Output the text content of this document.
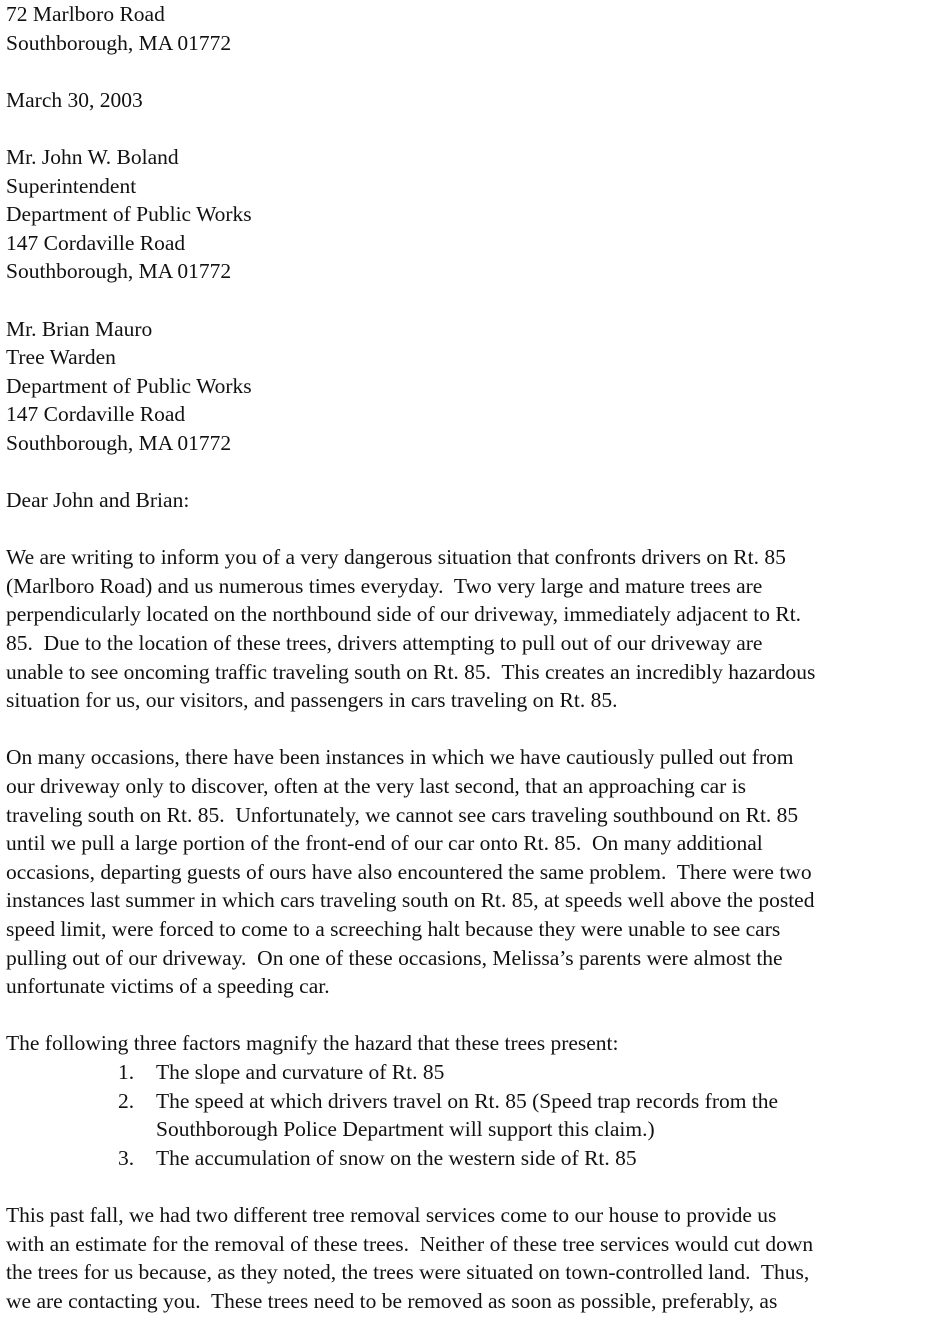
72 Marlboro Road
Southborough, MA 01772
March 30, 2003
Mr. John W. Boland
Superintendent
Department of Public Works
147 Cordaville Road
Southborough, MA 01772
Mr. Brian Mauro
Tree Warden
Department of Public Works
147 Cordaville Road
Southborough, MA 01772
Dear John and Brian:
We are writing to inform you of a very dangerous situation that confronts drivers on Rt. 85
(Marlboro Road) and us numerous times everyday.  Two very large and mature trees are
perpendicularly located on the northbound side of our driveway, immediately adjacent to Rt.
85.  Due to the location of these trees, drivers attempting to pull out of our driveway are
unable to see oncoming traffic traveling south on Rt. 85.  This creates an incredibly hazardous
situation for us, our visitors, and passengers in cars traveling on Rt. 85.
On many occasions, there have been instances in which we have cautiously pulled out from
our driveway only to discover, often at the very last second, that an approaching car is
traveling south on Rt. 85.  Unfortunately, we cannot see cars traveling southbound on Rt. 85
until we pull a large portion of the front-end of our car onto Rt. 85.  On many additional
occasions, departing guests of ours have also encountered the same problem.  There were two
instances last summer in which cars traveling south on Rt. 85, at speeds well above the posted
speed limit, were forced to come to a screeching halt because they were unable to see cars
pulling out of our driveway.  On one of these occasions, Melissa’s parents were almost the
unfortunate victims of a speeding car.
The following three factors magnify the hazard that these trees present:
1.	The slope and curvature of Rt. 85
2.	The speed at which drivers travel on Rt. 85 (Speed trap records from the
Southborough Police Department will support this claim.)
3.	The accumulation of snow on the western side of Rt. 85
This past fall, we had two different tree removal services come to our house to provide us
with an estimate for the removal of these trees.  Neither of these tree services would cut down
the trees for us because, as they noted, the trees were situated on town-controlled land.  Thus,
we are contacting you.  These trees need to be removed as soon as possible, preferably, as
